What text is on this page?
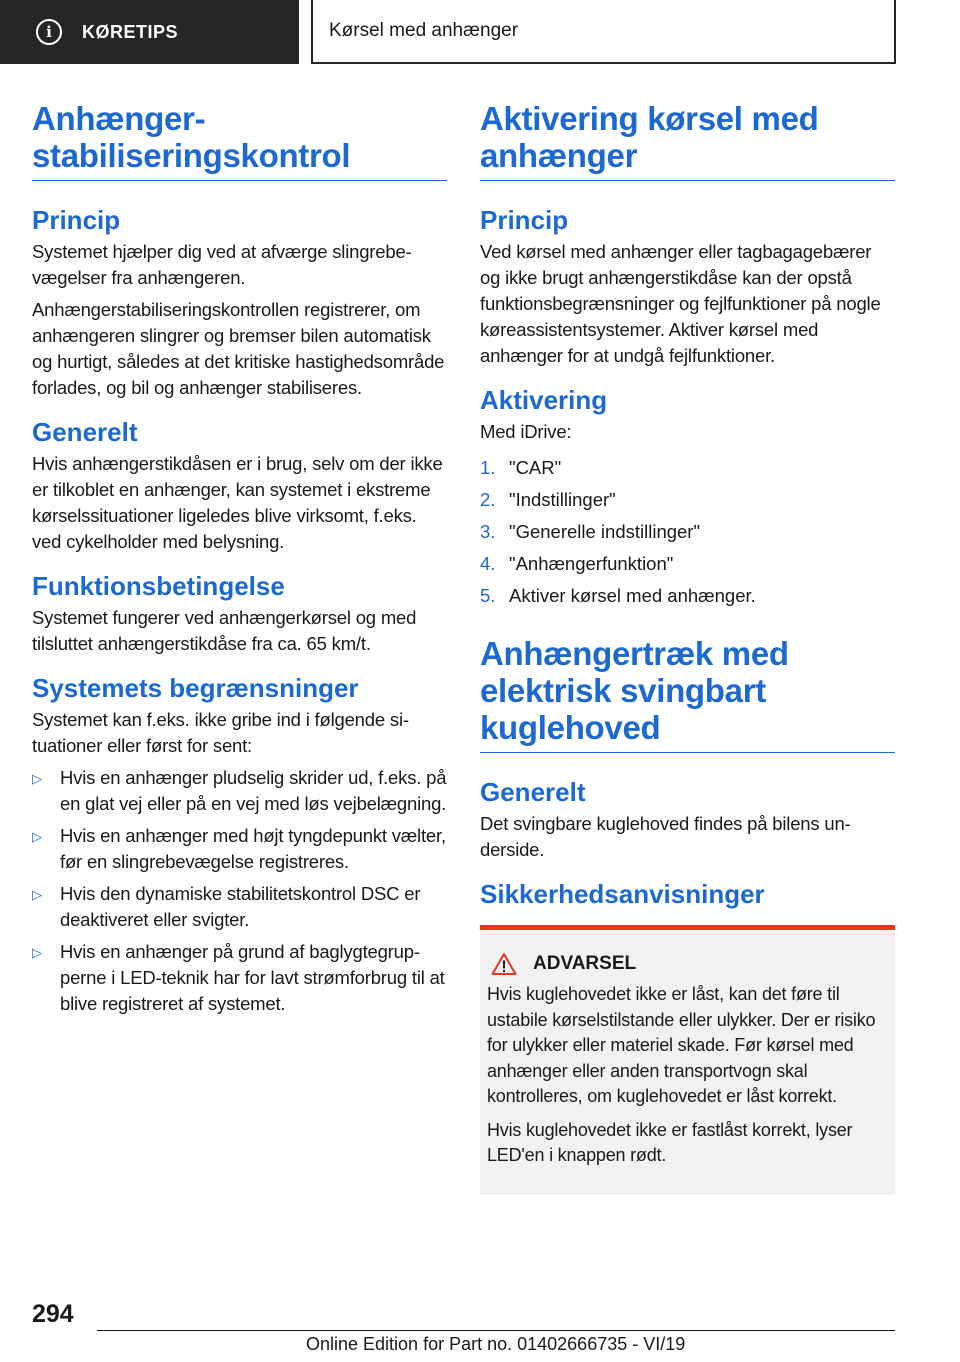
i	KØRETIPS	Kørsel med anhænger
Anhænger-stabiliseringskontrol
Princip

Systemet hjælper dig ved at afværge slingrebevægelser fra anhængeren.

Anhængerstabiliseringskontrollen registrerer, om anhængeren slingrer og bremser bilen automatisk og hurtigt, således at det kritiske hastighedsområde forlades, og bil og anhænger stabiliseres.

Generelt

Hvis anhængerstikdåsen er i brug, selv om der ikke er tilkoblet en anhænger, kan systemet i ekstreme kørselssituationer ligeledes blive virksomt, f.eks. ved cykelholder med belysning.

Funktionsbetingelse

Systemet fungerer ved anhængerkørsel og med tilsluttet anhængerstikdåse fra ca. 65 km/t.

Systemets begrænsninger

Systemet kan f.eks. ikke gribe ind i følgende situationer eller først for sent:

▷ Hvis en anhænger pludselig skrider ud, f.eks. på en glat vej eller på en vej med løs vejbelægning.
▷ Hvis en anhænger med højt tyngdepunkt vælter, før en slingrebevægelse registreres.
▷ Hvis den dynamiske stabilitetskontrol DSC er deaktiveret eller svigter.
▷ Hvis en anhænger på grund af baglygtegrupperne i LED-teknik har for lavt strømforbrug til at blive registreret af systemet.
Aktivering kørsel med anhænger
Princip

Ved kørsel med anhænger eller tagbagagebærer og ikke brugt anhængerstikdåse kan der opstå funktionsbegrænsninger og fejlfunktioner på nogle køreassistentsystemer. Aktiver kørsel med anhænger for at undgå fejlfunktioner.

Aktivering

Med iDrive:

1. "CAR"
2. "Indstillinger"
3. "Generelle indstillinger"
4. "Anhængerfunktion"
5. Aktiver kørsel med anhænger.
Anhængertræk med elektrisk svingbart kuglehoved
Generelt

Det svingbare kuglehoved findes på bilens underside.

Sikkerhedsanvisninger
ADVARSEL

Hvis kuglehovedet ikke er låst, kan det føre til ustabile kørselstilstande eller ulykker. Der er risiko for ulykker eller materiel skade. Før kørsel med anhænger eller anden transportvogn skal kontrolleres, om kuglehovedet er låst korrekt.

Hvis kuglehovedet ikke er fastlåst korrekt, lyser LED'en i knappen rødt.

294
Online Edition for Part no. 01402666735 - VI/19
